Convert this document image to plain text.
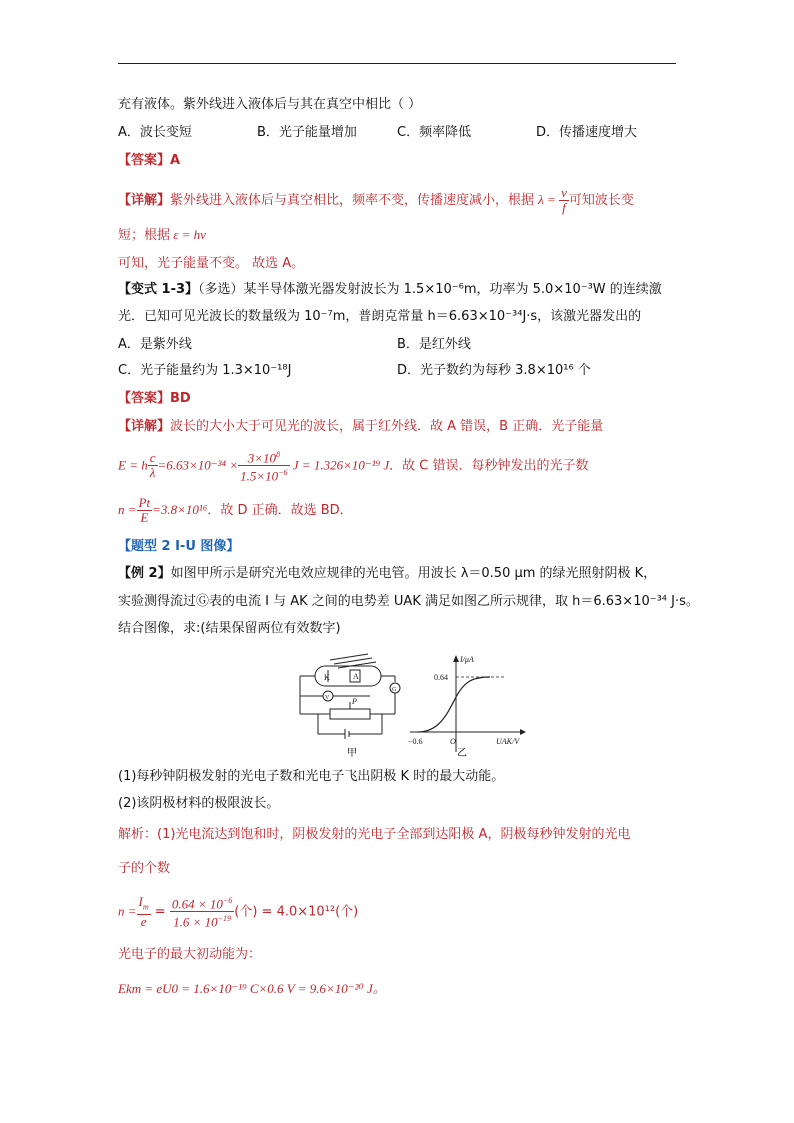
充有液体。紫外线进入液体后与其在真空中相比（ ）
A．波长变短	B．光子能量增加	C．频率降低	D．传播速度增大
【答案】A
【详解】紫外线进入液体后与真空相比，频率不变，传播速度减小，根据 $\lambda = \frac{v}{f}$ 可知波长变
短；根据 ε = hν
可知，光子能量不变。 故选 A。
【变式 1-3】（多选）某半导体激光器发射波长为 1.5×10⁻⁶m，功率为 5.0×10⁻³W 的连续激
光．已知可见光波长的数量级为 10⁻⁷m，普朗克常量 h＝6.63×10⁻³⁴J·s，该激光器发出的
A．是紫外线	B．是红外线
C．光子能量约为 1.3×10⁻¹⁸J	D．光子数约为每秒 3.8×10¹⁶ 个
【答案】BD
【详解】波长的大小大于可见光的波长，属于红外线．故 A 错误，B 正确．光子能量
E = h $\frac{c}{\lambda} =6.63\times 10^{-34} \times \frac{3\times 10^8}{1.5\times 10^{-6}}$ J = 1.326×10⁻¹⁹ J．故 C 错误．每秒钟发出的光子数
$n = \frac{Pt}{E} =3.8\times 10^{16}$．故 D 正确．故选 BD．
【题型 2 I-U 图像】
【例 2】如图甲所示是研究光电效应规律的光电管。用波长 λ＝0.50 μm 的绿光照射阴极 K，
实验测得流过Ⓖ表的电流 I 与 AK 之间的电势差 UAK 满足如图乙所示规律，取 h＝6.63×10⁻³⁴ J·s。
结合图像，求:(结果保留两位有效数字)
K	A
V
G
P
甲
I/μA
0.64
−0.6	O	UAK/V
乙
(1)每秒钟阴极发射的光电子数和光电子飞出阴极 K 时的最大动能。
(2)该阴极材料的极限波长。
解析：(1)光电流达到饱和时，阴极发射的光电子全部到达阳极 A，阴极每秒钟发射的光电
子的个数
$n = \frac{I_m}{e} = \frac{0.64 \times 10^{-6}}{1.6 \times 10^{-19}}$ (个) = 4.0×10¹²(个)
光电子的最大初动能为：
Ekm = eU0 = 1.6×10⁻¹⁹ C×0.6 V = 9.6×10⁻²⁰ J。
